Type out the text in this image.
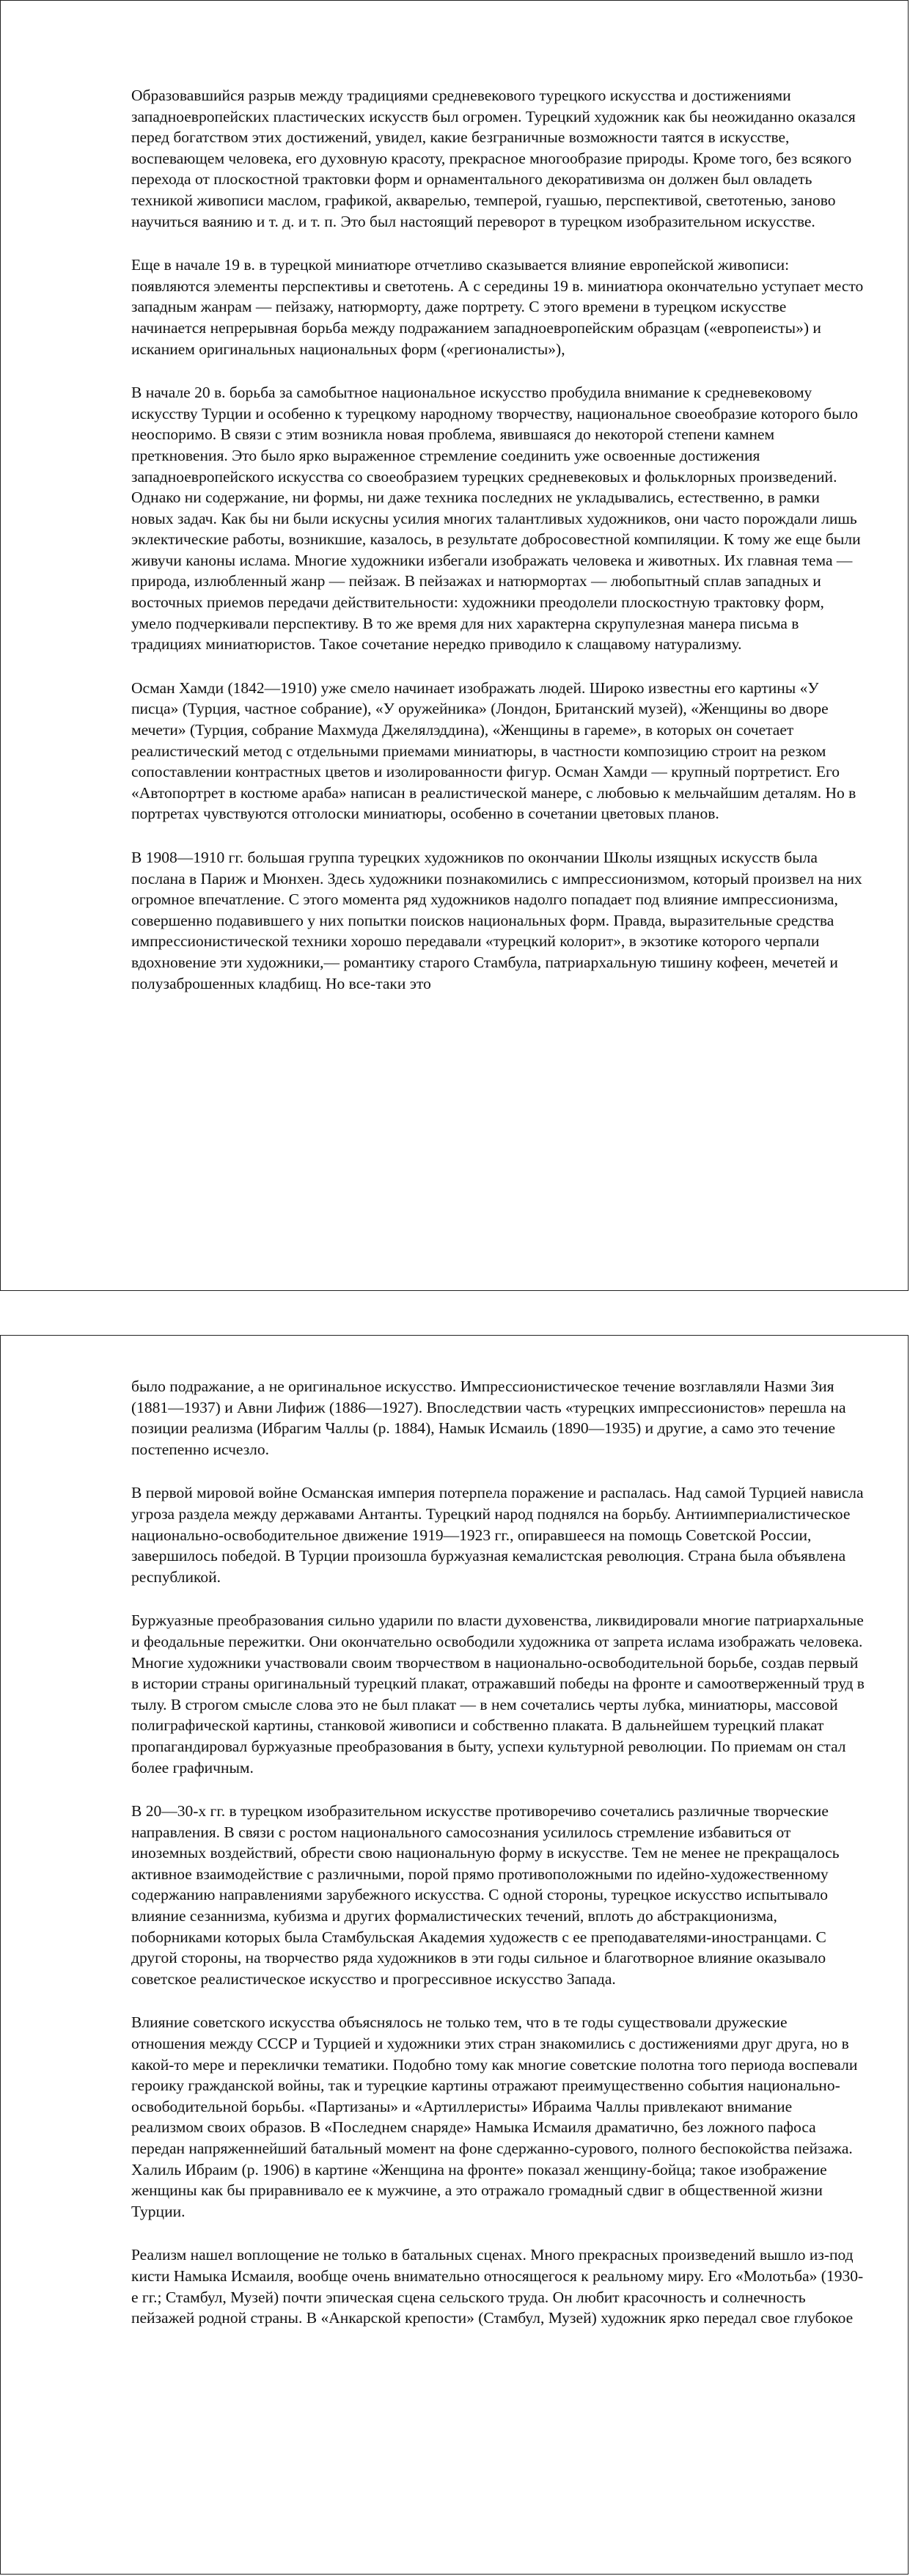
Образовавшийся разрыв между традициями средневекового турецкого искусства и достижениями западноевропейских пластических искусств был огромен. Турецкий художник как бы неожиданно оказался перед богатством этих достижений, увидел, какие безграничные возможности таятся в искусстве, воспевающем человека, его духовную красоту, прекрасное многообразие природы. Кроме того, без всякого перехода от плоскостной трактовки форм и орнаментального декоративизма он должен был овладеть техникой живописи маслом, графикой, акварелью, темперой, гуашью, перспективой, светотенью, заново научиться ваянию и т. д. и т. п. Это был настоящий переворот в турецком изобразительном искусстве.

Еще в начале 19 в. в турецкой миниатюре отчетливо сказывается влияние европейской живописи: появляются элементы перспективы и светотень. А с середины 19 в. миниатюра окончательно уступает место западным жанрам — пейзажу, натюрморту, даже портрету. С этого времени в турецком искусстве начинается непрерывная борьба между подражанием западноевропейским образцам («европеисты») и исканием оригинальных национальных форм («регионалисты»),

В начале 20 в. борьба за самобытное национальное искусство пробудила внимание к средневековому искусству Турции и особенно к турецкому народному творчеству, национальное своеобразие которого было неоспоримо. В связи с этим возникла новая проблема, явившаяся до некоторой степени камнем преткновения. Это было ярко выраженное стремление соединить уже освоенные достижения западноевропейского искусства со своеобразием турецких средневековых и фольклорных произведений. Однако ни содержание, ни формы, ни даже техника последних не укладывались, естественно, в рамки новых задач. Как бы ни были искусны усилия многих талантливых художников, они часто порождали лишь эклектические работы, возникшие, казалось, в результате добросовестной компиляции. К тому же еще были живучи каноны ислама. Многие художники избегали изображать человека и животных. Их главная тема — природа, излюбленный жанр — пейзаж. В пейзажах и натюрмортах — любопытный сплав западных и восточных приемов передачи действительности: художники преодолели плоскостную трактовку форм, умело подчеркивали перспективу. В то же время для них характерна скрупулезная манера письма в традициях миниатюристов. Такое сочетание нередко приводило к слащавому натурализму.

Осман Хамди (1842—1910) уже смело начинает изображать людей. Широко известны его картины «У писца» (Турция, частное собрание), «У оружейника» (Лондон, Британский музей), «Женщины во дворе мечети» (Турция, собрание Махмуда Джелялэддина), «Женщины в гареме», в которых он сочетает реалистический метод с отдельными приемами миниатюры, в частности композицию строит на резком сопоставлении контрастных цветов и изолированности фигур. Осман Хамди — крупный портретист. Его «Автопортрет в костюме араба» написан в реалистической манере, с любовью к мельчайшим деталям. Но в портретах чувствуются отголоски миниатюры, особенно в сочетании цветовых планов.

В 1908—1910 гг. большая группа турецких художников по окончании Школы изящных искусств была послана в Париж и Мюнхен. Здесь художники познакомились с импрессионизмом, который произвел на них огромное впечатление. С этого момента ряд художников надолго попадает под влияние импрессионизма, совершенно подавившего у них попытки поисков национальных форм. Правда, выразительные средства импрессионистической техники хорошо передавали «турецкий колорит», в экзотике которого черпали вдохновение эти художники,— романтику старого Стамбула, патриархальную тишину кофеен, мечетей и полузаброшенных кладбищ. Но все-таки это

было подражание, а не оригинальное искусство. Импрессионистическое течение возглавляли Назми Зия (1881—1937) и Авни Лифиж (1886—1927). Впоследствии часть «турецких импрессионистов» перешла на позиции реализма (Ибрагим Чаллы (р. 1884), Намык Исмаиль (1890—1935) и другие, а само это течение постепенно исчезло.

В первой мировой войне Османская империя потерпела поражение и распалась. Над самой Турцией нависла угроза раздела между державами Антанты. Турецкий народ поднялся на борьбу. Антиимпериалистическое национально-освободительное движение 1919—1923 гг., опиравшееся на помощь Советской России, завершилось победой. В Турции произошла буржуазная кемалистская революция. Страна была объявлена республикой.

Буржуазные преобразования сильно ударили по власти духовенства, ликвидировали многие патриархальные и феодальные пережитки. Они окончательно освободили художника от запрета ислама изображать человека. Многие художники участвовали своим творчеством в национально-освободительной борьбе, создав первый в истории страны оригинальный турецкий плакат, отражавший победы на фронте и самоотверженный труд в тылу. В строгом смысле слова это не был плакат — в нем сочетались черты лубка, миниатюры, массовой полиграфической картины, станковой живописи и собственно плаката. В дальнейшем турецкий плакат пропагандировал буржуазные преобразования в быту, успехи культурной революции. По приемам он стал более графичным.

В 20—30-х гг. в турецком изобразительном искусстве противоречиво сочетались различные творческие направления. В связи с ростом национального самосознания усилилось стремление избавиться от иноземных воздействий, обрести свою национальную форму в искусстве. Тем не менее не прекращалось активное взаимодействие с различными, порой прямо противоположными по идейно-художественному содержанию направлениями зарубежного искусства. С одной стороны, турецкое искусство испытывало влияние сезаннизма, кубизма и других формалистических течений, вплоть до абстракционизма, поборниками которых была Стамбульская Академия художеств с ее преподавателями-иностранцами. С другой стороны, на творчество ряда художников в эти годы сильное и благотворное влияние оказывало советское реалистическое искусство и прогрессивное искусство Запада.

Влияние советского искусства объяснялось не только тем, что в те годы существовали дружеские отношения между СССР и Турцией и художники этих стран знакомились с достижениями друг друга, но в какой-то мере и переклички тематики. Подобно тому как многие советские полотна того периода воспевали героику гражданской войны, так и турецкие картины отражают преимущественно события национально-освободительной борьбы. «Партизаны» и «Артиллеристы» Ибраима Чаллы привлекают внимание реализмом своих образов. В «Последнем снаряде» Намыка Исмаиля драматично, без ложного пафоса передан напряженнейший батальный момент на фоне сдержанно-сурового, полного беспокойства пейзажа. Халиль Ибраим (р. 1906) в картине «Женщина на фронте» показал женщину-бойца; такое изображение женщины как бы приравнивало ее к мужчине, а это отражало громадный сдвиг в общественной жизни Турции.

Реализм нашел воплощение не только в батальных сценах. Много прекрасных произведений вышло из-под кисти Намыка Исмаиля, вообще очень внимательно относящегося к реальному миру. Его «Молотьба» (1930-е гг.; Стамбул, Музей) почти эпическая сцена сельского труда. Он любит красочность и солнечность пейзажей родной страны. В «Анкарской крепости» (Стамбул, Музей) художник ярко передал свое глубокое
